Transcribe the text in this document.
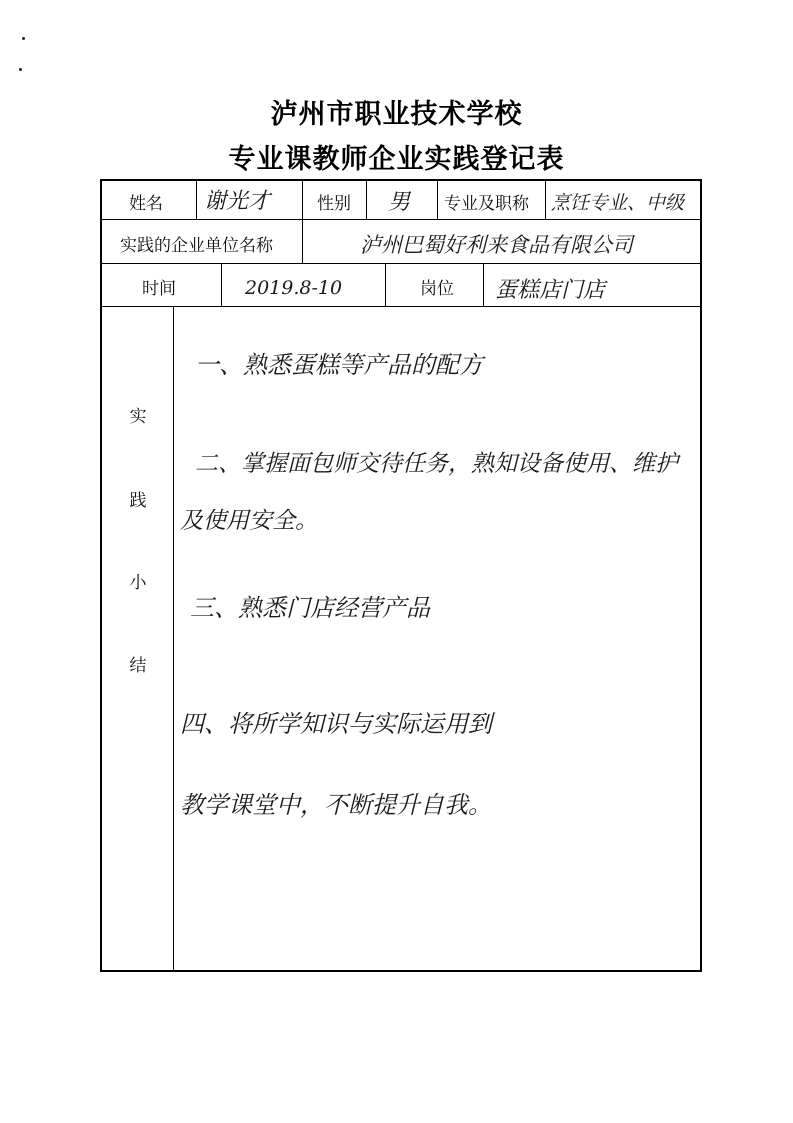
泸州市职业技术学校
专业课教师企业实践登记表
姓名 谢光才	性别 男 专业及职称 烹饪专业、中级
实践的企业单位名称	泸州巴蜀好利来食品有限公司
时间	2019.8-10	岗位 蛋糕店门店
实
践
小
结
一、熟悉蛋糕等产品的配方
二、掌握面包师交待任务，熟知设备使用、维护
及使用安全。
三、熟悉门店经营产品
四、将所学知识与实际运用到
教学课堂中，不断提升自我。
